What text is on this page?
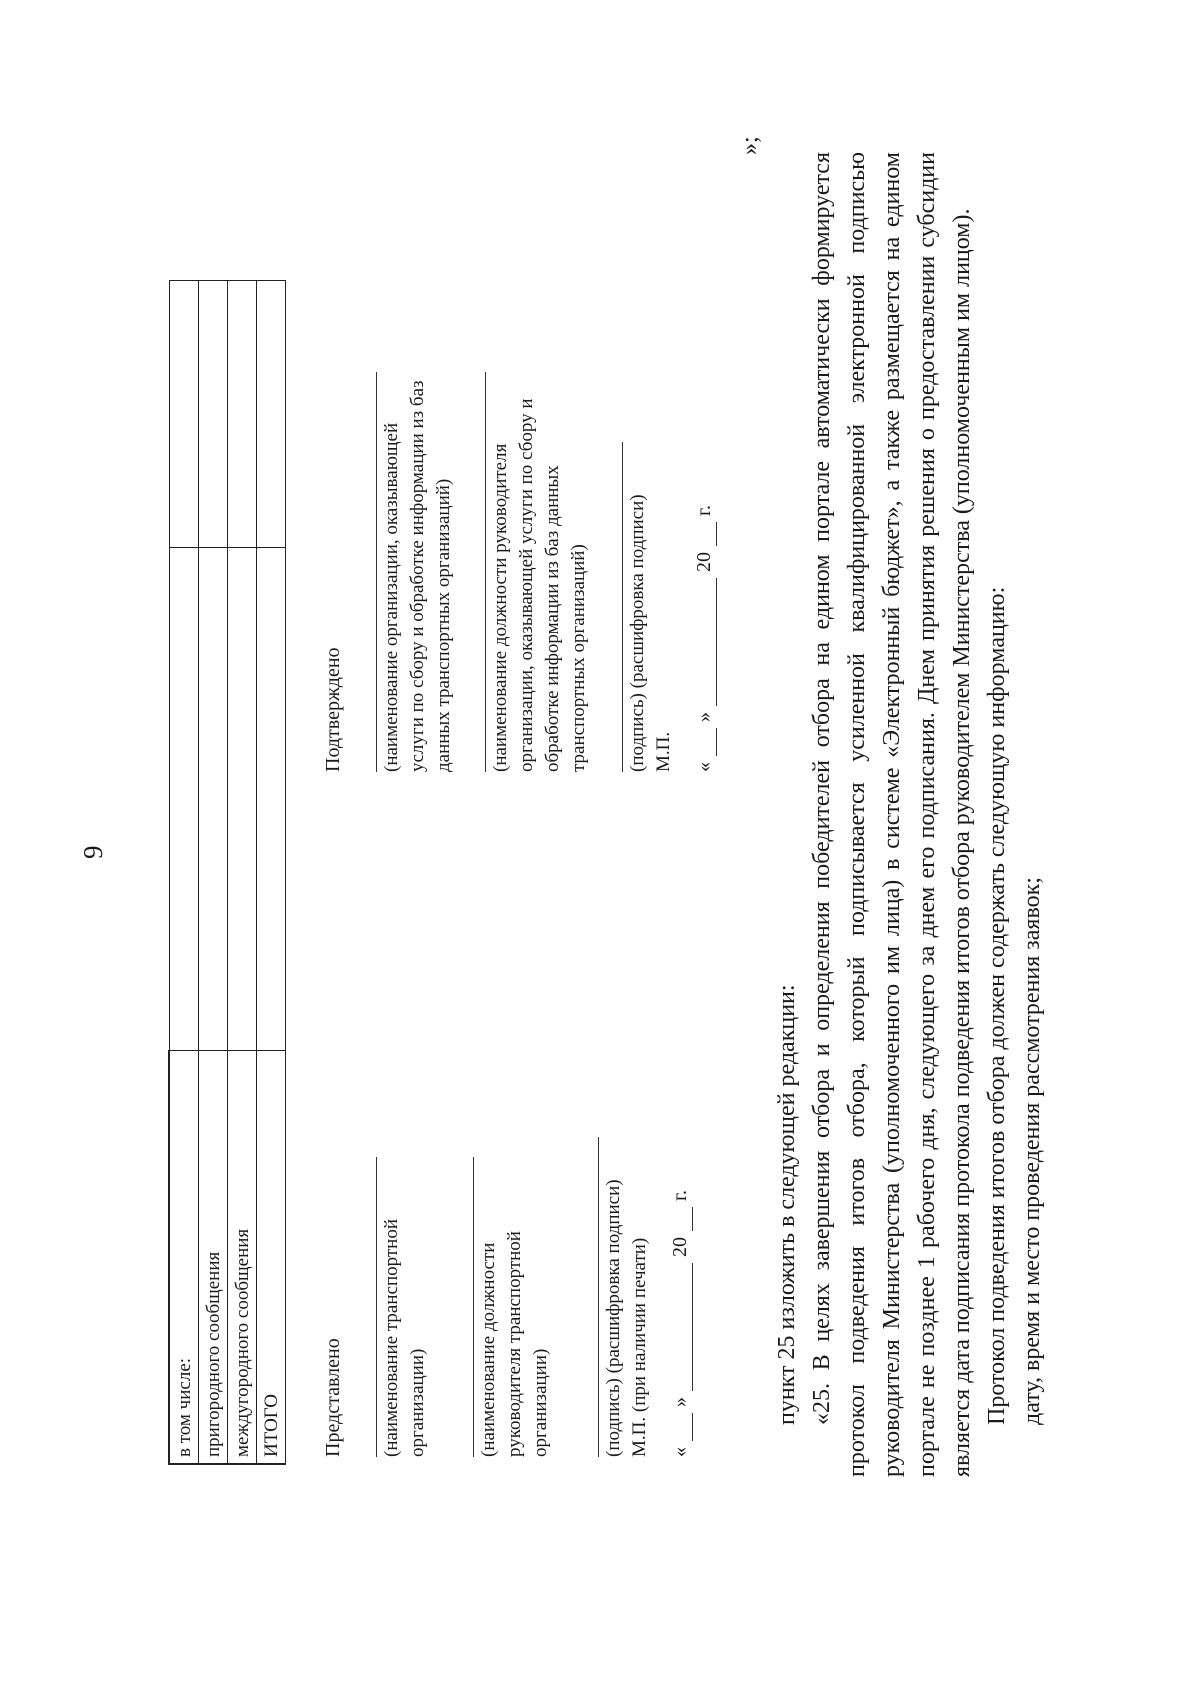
9
в том числе:		
пригородного сообщения		
междугородного сообщения		
ИТОГО		Представлено (наименование транспортной организации)	(наименование должности руководителя транспортной организации)	(подпись) (расшифровка подписи) М.П. (при наличии печати) «
»
20
г.
Подтверждено (наименование организации, оказывающей услуги по сбору и обработке информации из баз данных транспортных организаций) (наименование должности руководителя организации, оказывающей услуги по сбору и обработке информации из баз данных транспортных организаций) (подпись) (расшифровка подписи) М.П. «
»
20
г.
»;

пункт 25 изложить в следующей редакции: «25. В целях завершения отбора и определения победителей отбора на едином портале автоматически формируется протокол подведения итогов отбора, который подписывается усиленной квалифицированной электронной подписью руководителя Министерства (уполномоченного им лица) в системе «Электронный бюджет», а также размещается на едином портале не позднее 1 рабочего дня, следующего за днем его подписания. Днем принятия решения о предоставлении субсидии является дата подписания протокола подведения итогов отбора руководителем Министерства (уполномоченным им лицом). Протокол подведения итогов отбора должен содержать следующую информацию: дату, время и место проведения рассмотрения заявок;
